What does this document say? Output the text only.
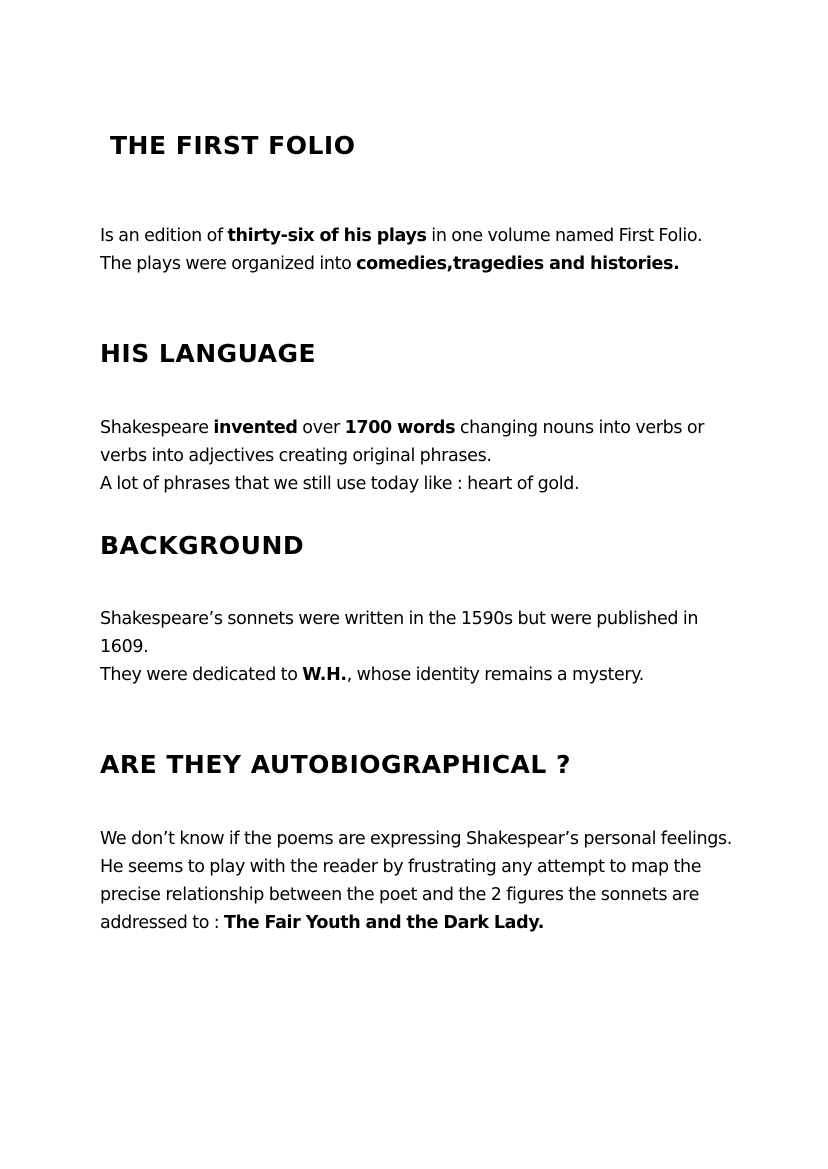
THE FIRST FOLIO

Is an edition of thirty-six of his plays in one volume named First Folio.

The plays were organized into comedies,tragedies and histories.

HIS LANGUAGE

Shakespeare invented over 1700 words changing nouns into verbs or verbs into adjectives creating original phrases.

A lot of phrases that we still use today like : heart of gold.

BACKGROUND

Shakespeare’s sonnets were written in the 1590s but were published in 1609.

They were dedicated to W.H., whose identity remains a mystery.

ARE THEY AUTOBIOGRAPHICAL ?

We don’t know if the poems are expressing Shakespear’s personal feelings.

He seems to play with the reader by frustrating any attempt to map the precise relationship between the poet and the 2 figures the sonnets are addressed to : The Fair Youth and the Dark Lady.
